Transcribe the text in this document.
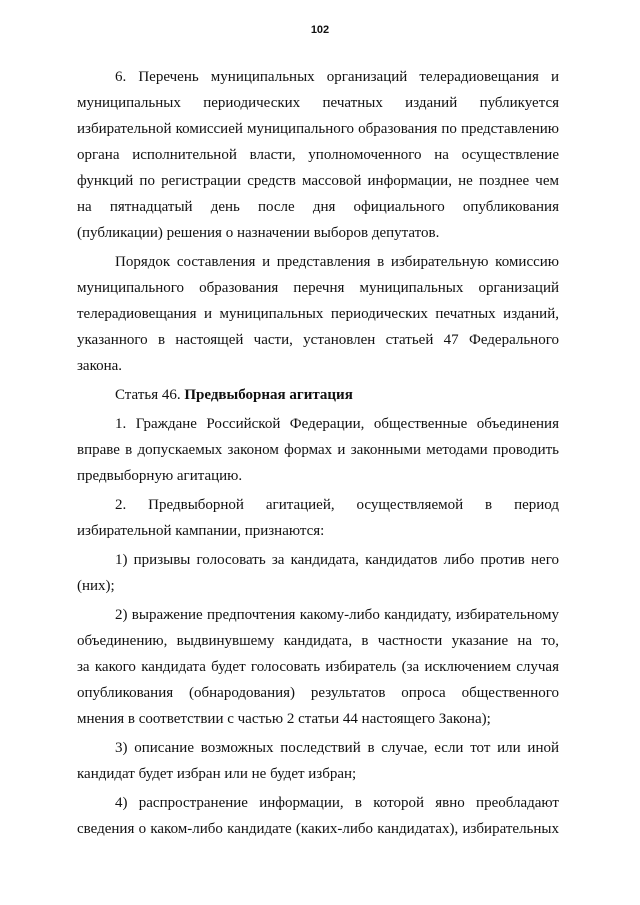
102
6. Перечень муниципальных организаций телерадиовещания и
муниципальных периодических печатных изданий публикуется
избирательной комиссией муниципального образования по представлению
органа исполнительной власти, уполномоченного на осуществление
функций по регистрации средств массовой информации, не позднее чем
на пятнадцатый день после дня официального опубликования
(публикации) решения о назначении выборов депутатов.
Порядок составления и представления в избирательную комиссию
муниципального образования перечня муниципальных организаций
телерадиовещания и муниципальных периодических печатных изданий,
указанного в настоящей части, установлен статьей 47 Федерального
закона.
Статья 46. Предвыборная агитация
1. Граждане Российской Федерации, общественные объединения
вправе в допускаемых законом формах и законными методами проводить
предвыборную агитацию.
2. Предвыборной агитацией, осуществляемой в период
избирательной кампании, признаются:
1) призывы голосовать за кандидата, кандидатов либо против него
(них);
2) выражение предпочтения какому-либо кандидату, избирательному
объединению, выдвинувшему кандидата, в частности указание на то,
за какого кандидата будет голосовать избиратель (за исключением случая
опубликования (обнародования) результатов опроса общественного
мнения в соответствии с частью 2 статьи 44 настоящего Закона);
3) описание возможных последствий в случае, если тот или иной
кандидат будет избран или не будет избран;
4) распространение информации, в которой явно преобладают
сведения о каком-либо кандидате (каких-либо кандидатах), избирательных
